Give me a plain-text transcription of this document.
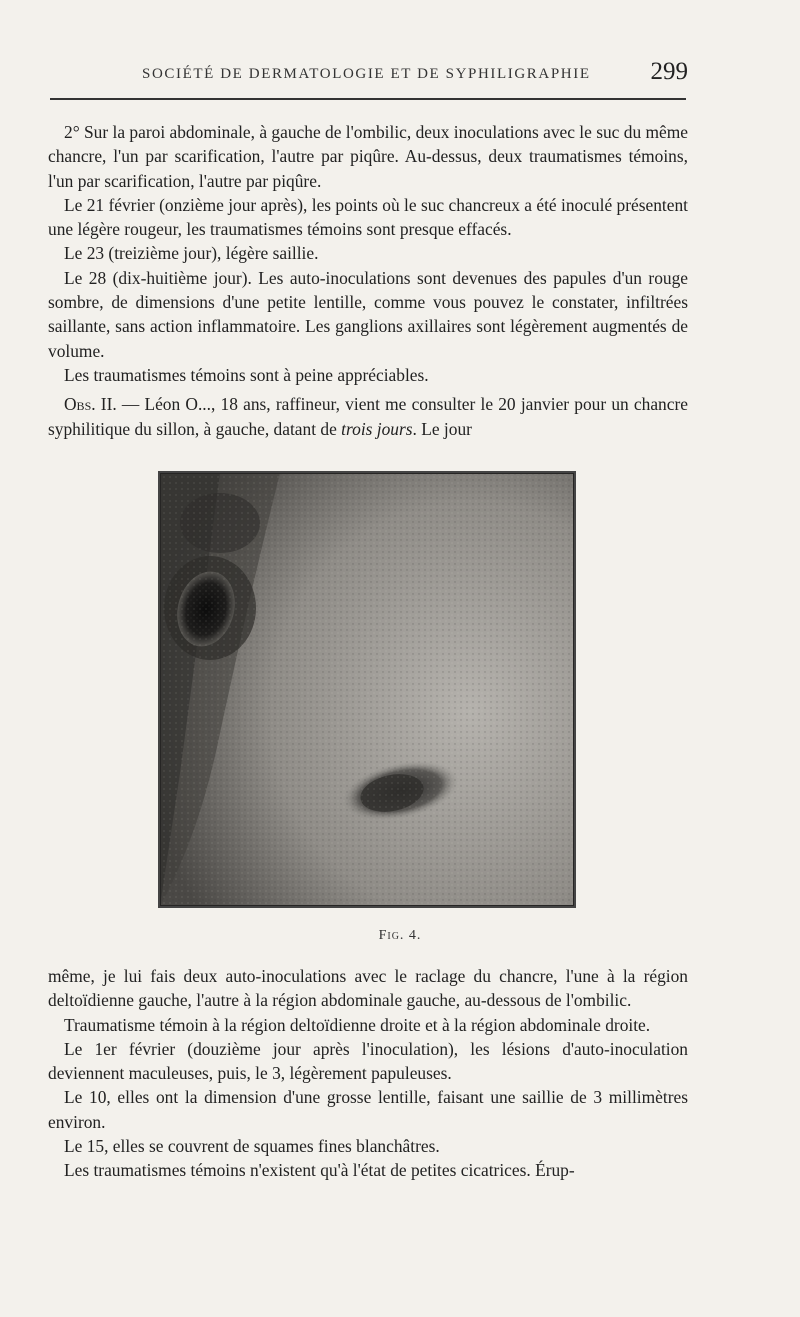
SOCIÉTÉ DE DERMATOLOGIE ET DE SYPHILIGRAPHIE 299

2° Sur la paroi abdominale, à gauche de l'ombilic, deux inoculations avec le suc du même chancre, l'un par scarification, l'autre par piqûre. Au-dessus, deux traumatismes témoins, l'un par scarification, l'autre par piqûre.

Le 21 février (onzième jour après), les points où le suc chancreux a été inoculé présentent une légère rougeur, les traumatismes témoins sont presque effacés.

Le 23 (treizième jour), légère saillie.

Le 28 (dix-huitième jour). Les auto-inoculations sont devenues des papules d'un rouge sombre, de dimensions d'une petite lentille, comme vous pouvez le constater, infiltrées saillante, sans action inflammatoire. Les ganglions axillaires sont légèrement augmentés de volume.

Les traumatismes témoins sont à peine appréciables.

Obs. II. — Léon O..., 18 ans, raffineur, vient me consulter le 20 janvier pour un chancre syphilitique du sillon, à gauche, datant de trois jours. Le jour

Fig. 4.

même, je lui fais deux auto-inoculations avec le raclage du chancre, l'une à la région deltoïdienne gauche, l'autre à la région abdominale gauche, au-dessous de l'ombilic.

Traumatisme témoin à la région deltoïdienne droite et à la région abdominale droite.

Le 1er février (douzième jour après l'inoculation), les lésions d'auto-inoculation deviennent maculeuses, puis, le 3, légèrement papuleuses.

Le 10, elles ont la dimension d'une grosse lentille, faisant une saillie de 3 millimètres environ.

Le 15, elles se couvrent de squames fines blanchâtres.

Les traumatismes témoins n'existent qu'à l'état de petites cicatrices. Érup-
